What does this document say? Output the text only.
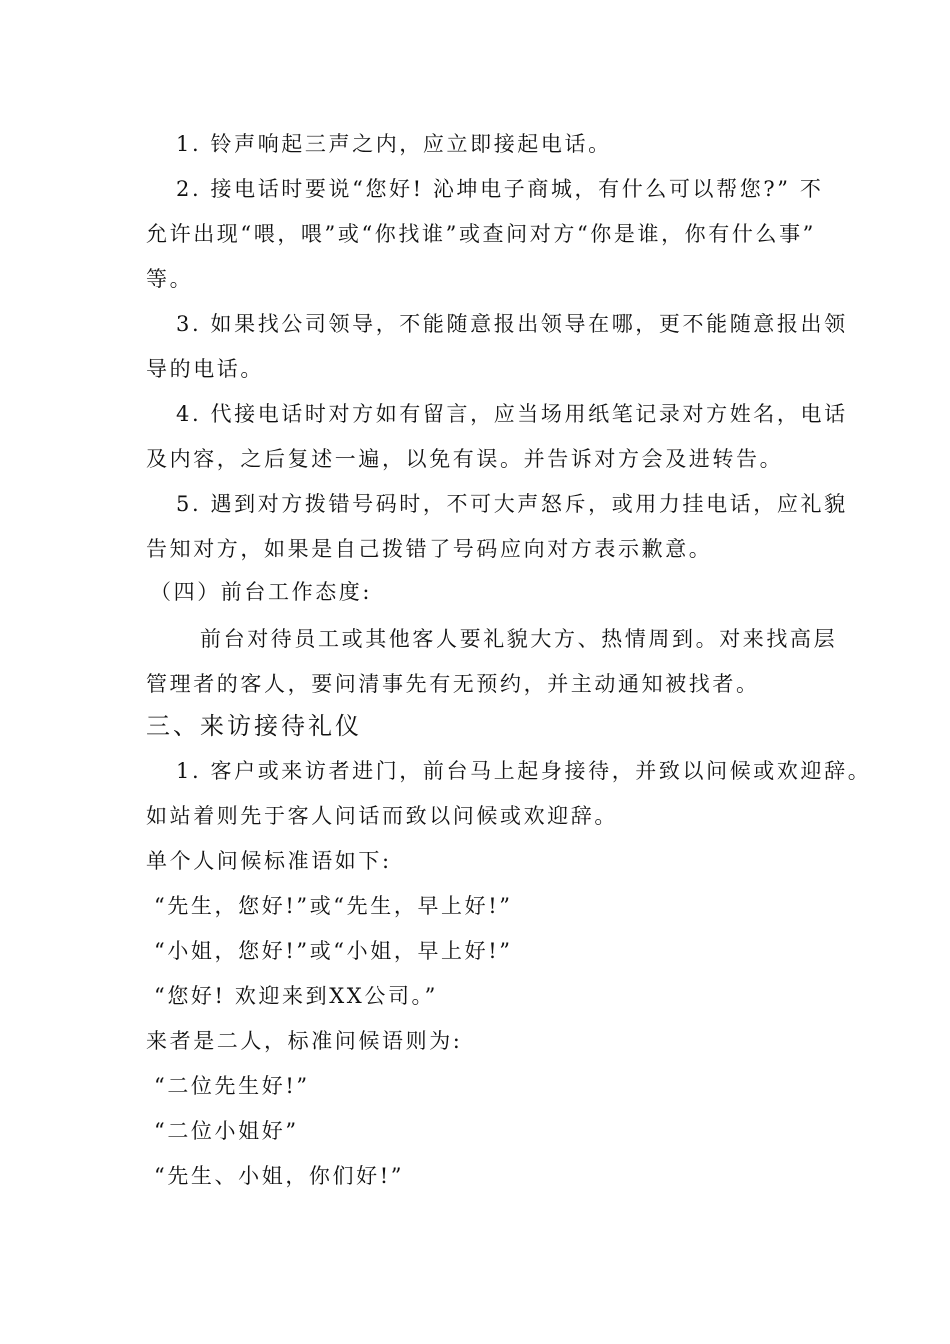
1. 铃声响起三声之内，应立即接起电话。
2. 接电话时要说“您好! 沁坤电子商城，有什么可以帮您?” 不
允许出现“喂，喂”或“你找谁”或查问对方“你是谁，你有什么事”
等。
3. 如果找公司领导，不能随意报出领导在哪，更不能随意报出领
导的电话。
4. 代接电话时对方如有留言，应当场用纸笔记录对方姓名，电话
及内容，之后复述一遍，以免有误。并告诉对方会及进转告。
5. 遇到对方拨错号码时，不可大声怒斥，或用力挂电话，应礼貌
告知对方，如果是自己拨错了号码应向对方表示歉意。
（四）前台工作态度:
前台对待员工或其他客人要礼貌大方、热情周到。对来找高层
管理者的客人，要问清事先有无预约，并主动通知被找者。
三、来访接待礼仪
1. 客户或来访者进门，前台马上起身接待，并致以问候或欢迎辞。
如站着则先于客人问话而致以问候或欢迎辞。
单个人问候标准语如下:
“先生，您好!”或“先生，早上好!”
“小姐，您好!”或“小姐，早上好!”
“您好! 欢迎来到XX公司。”
来者是二人，标准问候语则为:
“二位先生好!”
“二位小姐好”
“先生、小姐，你们好!”
